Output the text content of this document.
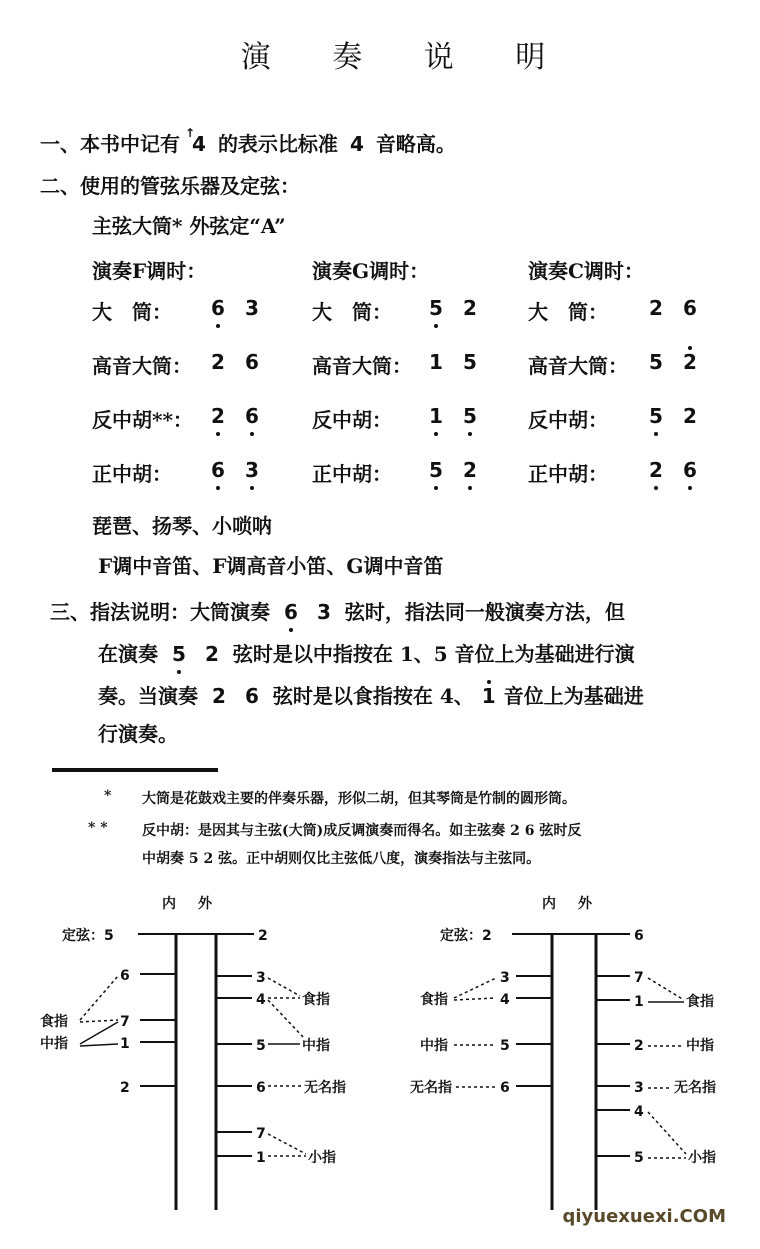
演 奏 说 明
一、本书中记有 4
↑ 的表示比标准 4 音略高。
二、使用的管弦乐器及定弦：
主弦大筒* 外弦定“A”
演奏F调时：	演奏G调时：	演奏C调时：
大　筒： 6 3	大　筒： 5 2	大　筒： 2 6
高音大筒： 2 6	高音大筒： 1 5	高音大筒： 5 2
反中胡**： 2 6	反中胡： 1 5	反中胡： 5 2
正中胡： 6 3	正中胡： 5 2	正中胡： 2 6
琵琶、扬琴、小唢呐
F调中音笛、F调高音小笛、G调中音笛
三、指法说明：大筒演奏 6 3 弦时，指法同一般演奏方法，但
在演奏 5 2 弦时是以中指按在 1、5 音位上为基础进行演
奏。当演奏 2 6 弦时是以食指按在 4、 1 音位上为基础进
行演奏。
* 大筒是花鼓戏主要的伴奏乐器，形似二胡，但其琴筒是竹制的圆形筒。
* * 反中胡：是因其与主弦(大筒)成反调演奏而得名。如主弦奏 2 6 弦时反
中胡奏 5 2 弦。正中胡则仅比主弦低八度，演奏指法与主弦同。
内 外
定弦：5	2
6
7
1
2
食指
中指
3
4
5
6
7
1
食指
中指
无名指
小指
内 外
定弦：2	6
3
4
5
6
食指
中指
无名指
7
1
2
3
4
5
食指
中指
无名指
小指
qiyuexuexi.COM
